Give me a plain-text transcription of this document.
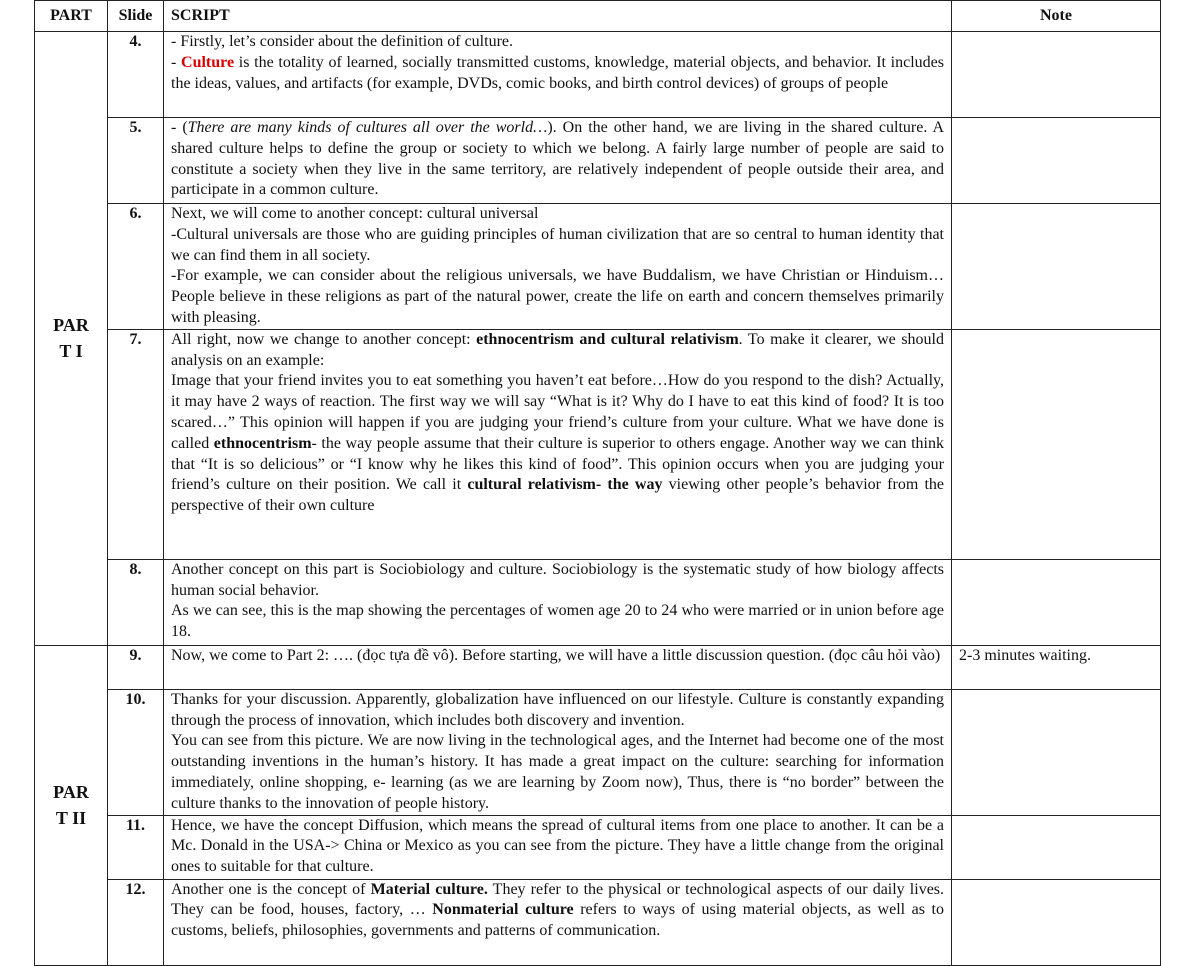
PART	Slide	SCRIPT	Note
PAR
T I	4.	- Firstly, let’s consider about the definition of culture.
- Culture is the totality of learned, socially transmitted customs, knowledge, material objects, and behavior. It includes the ideas, values, and artifacts (for example, DVDs, comic books, and birth control devices) of groups of people	
	5.	- (There are many kinds of cultures all over the world…). On the other hand, we are living in the shared culture. A shared culture helps to define the group or society to which we belong. A fairly large number of people are said to constitute a society when they live in the same territory, are relatively independent of people outside their area, and participate in a common culture.	
	6.	Next, we will come to another concept: cultural universal
-Cultural universals are those who are guiding principles of human civilization that are so central to human identity that we can find them in all society.
-For example, we can consider about the religious universals, we have Buddalism, we have Christian or Hinduism… People believe in these religions as part of the natural power, create the life on earth and concern themselves primarily with pleasing.	

	7.	All right, now we change to another concept: ethnocentrism and cultural relativism. To make it clearer, we should analysis on an example:
Image that your friend invites you to eat something you haven’t eat before…How do you respond to the dish? Actually, it may have 2 ways of reaction. The first way we will say “What is it? Why do I have to eat this kind of food? It is too scared…” This opinion will happen if you are judging your friend’s culture from your culture. What we have done is called ethnocentrism- the way people assume that their culture is superior to others engage. Another way we can think that “It is so delicious” or “I know why he likes this kind of food”. This opinion occurs when you are judging your friend’s culture on their position. We call it cultural relativism- the way viewing other people’s behavior from the perspective of their own culture	
	8.	Another concept on this part is Sociobiology and culture. Sociobiology is the systematic study of how biology affects human social behavior.
As we can see, this is the map showing the percentages of women age 20 to 24 who were married or in union before age 18.	

PAR
T II	9.	Now, we come to Part 2: …. (đọc tựa đề vô). Before starting, we will have a little discussion question. (đọc câu hỏi vào)	2-3 minutes waiting.
	10.	Thanks for your discussion. Apparently, globalization have influenced on our lifestyle. Culture is constantly expanding through the process of innovation, which includes both discovery and invention.
You can see from this picture. We are now living in the technological ages, and the Internet had become one of the most outstanding inventions in the human’s history. It has made a great impact on the culture: searching for information immediately, online shopping, e- learning (as we are learning by Zoom now), Thus, there is “no border” between the culture thanks to the innovation of people history.	

	11.	Hence, we have the concept Diffusion, which means the spread of cultural items from one place to another. It can be a Mc. Donald in the USA-> China or Mexico as you can see from the picture. They have a little change from the original ones to suitable for that culture.	
	12.	Another one is the concept of Material culture. They refer to the physical or technological aspects of our daily lives. They can be food, houses, factory, … Nonmaterial culture refers to ways of using material objects, as well as to customs, beliefs, philosophies, governments and patterns of communication.	
